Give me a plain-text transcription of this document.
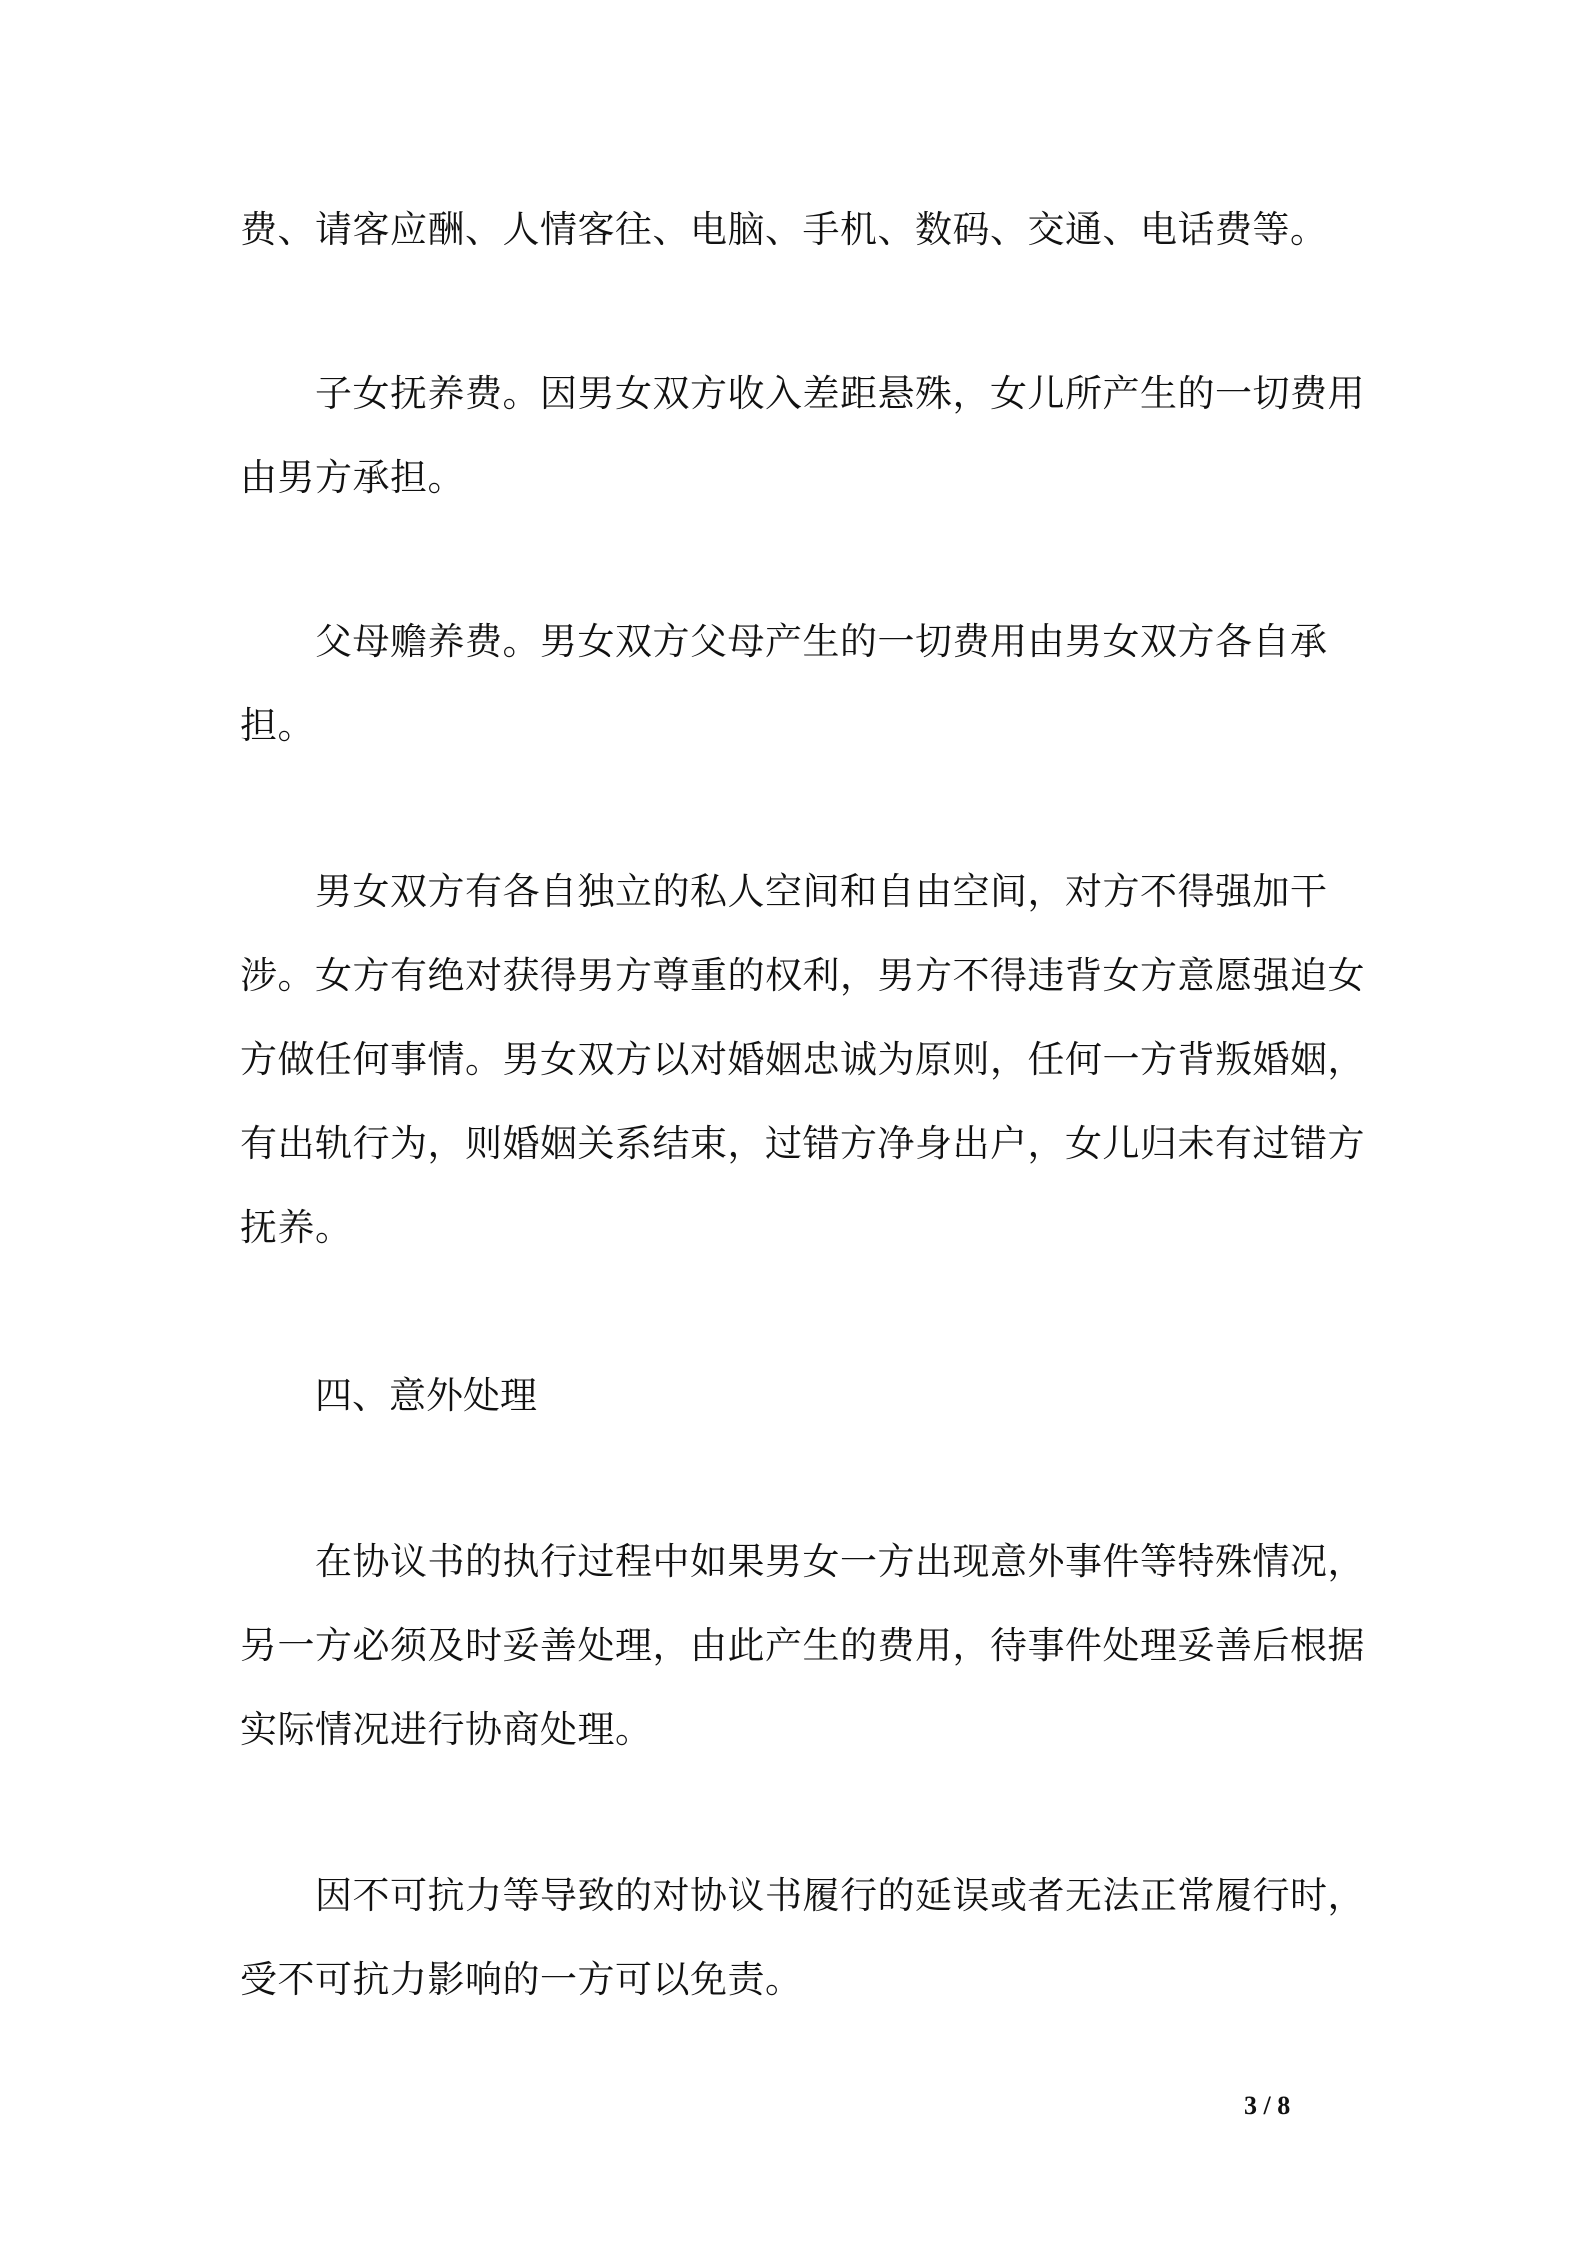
费、请客应酬、人情客往、电脑、手机、数码、交通、电话费等。

子女抚养费。因男女双方收入差距悬殊，女儿所产生的一切费用由男方承担。

父母赡养费。男女双方父母产生的一切费用由男女双方各自承担。

男女双方有各自独立的私人空间和自由空间，对方不得强加干涉。女方有绝对获得男方尊重的权利，男方不得违背女方意愿强迫女方做任何事情。男女双方以对婚姻忠诚为原则，任何一方背叛婚姻，有出轨行为，则婚姻关系结束，过错方净身出户，女儿归未有过错方抚养。

四、意外处理

在协议书的执行过程中如果男女一方出现意外事件等特殊情况，另一方必须及时妥善处理，由此产生的费用，待事件处理妥善后根据实际情况进行协商处理。

因不可抗力等导致的对协议书履行的延误或者无法正常履行时，受不可抗力影响的一方可以免责。

3 / 8
